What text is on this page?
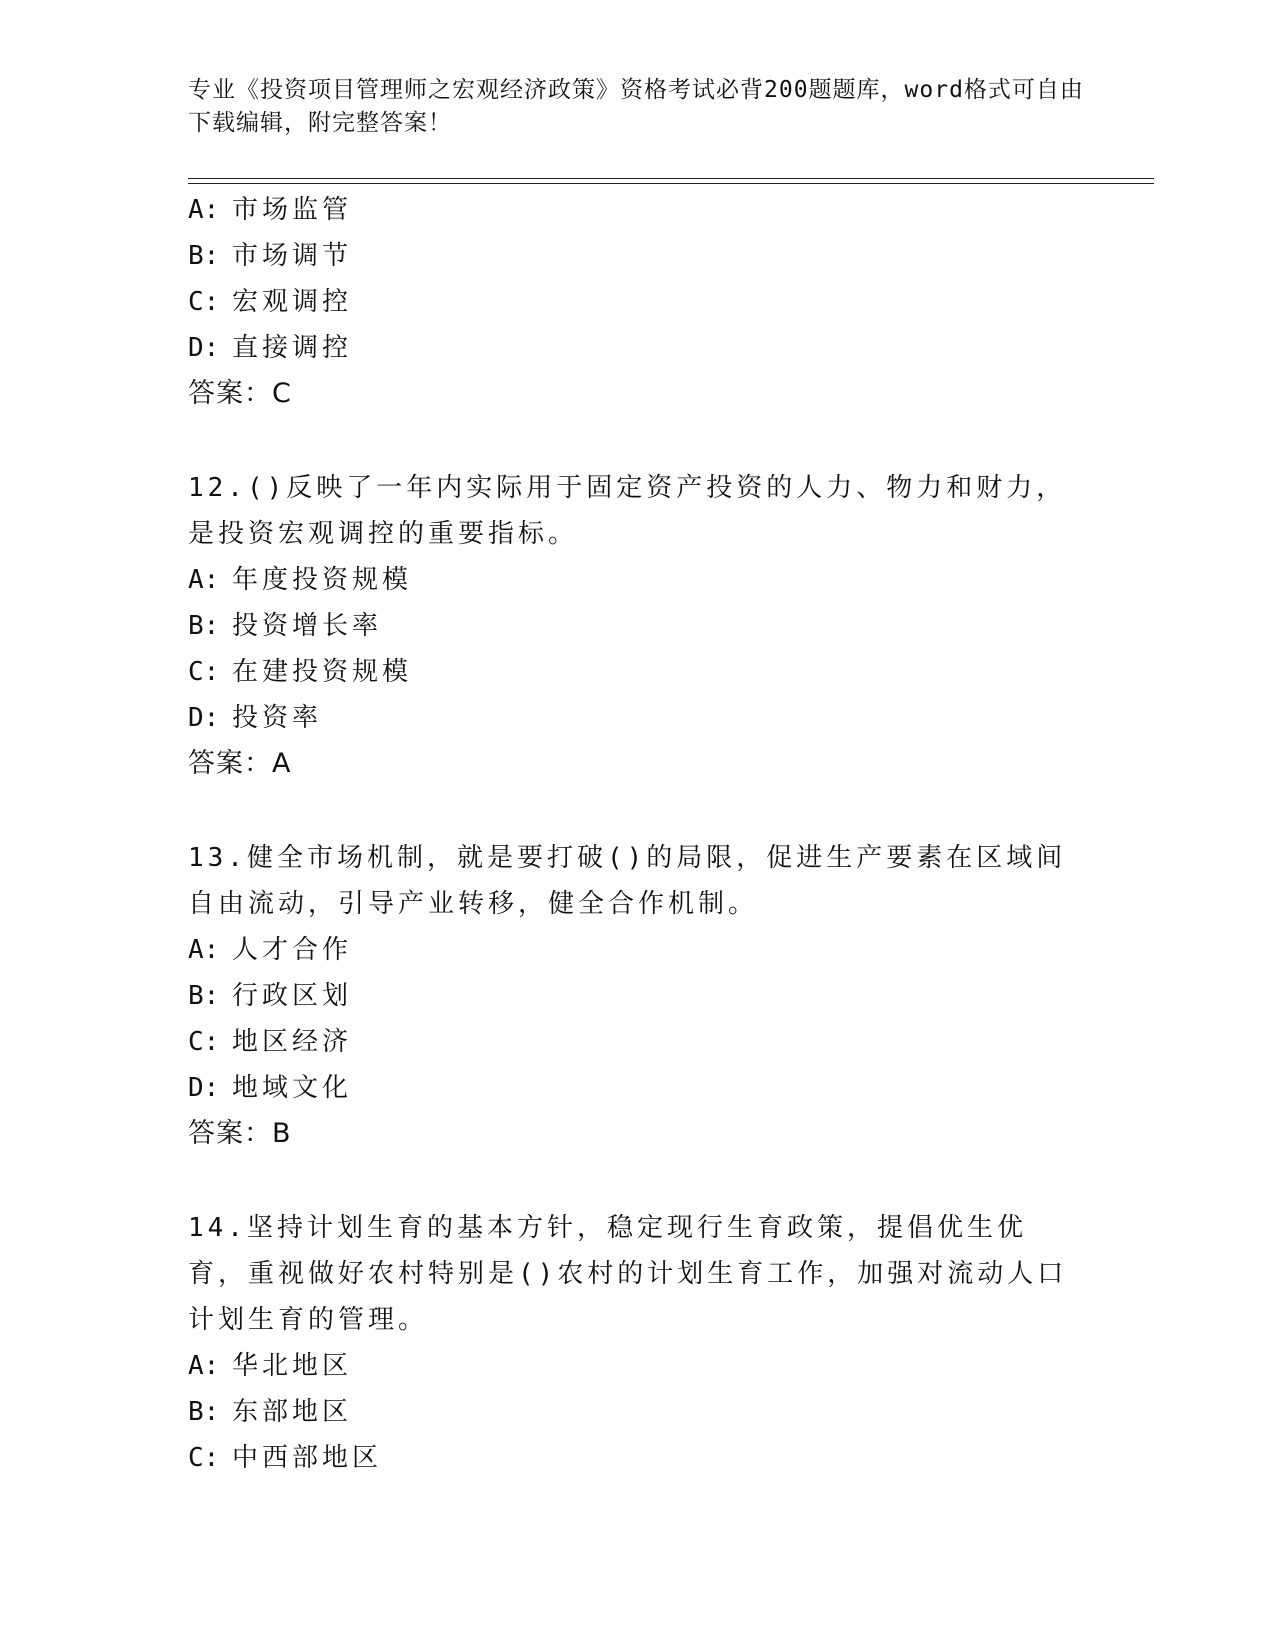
专业《投资项目管理师之宏观经济政策》资格考试必背200题题库，word格式可自由下载编辑，附完整答案！
A: 市场监管
B: 市场调节
C: 宏观调控
D: 直接调控
答案：C
12.()反映了一年内实际用于固定资产投资的人力、物力和财力，是投资宏观调控的重要指标。
A: 年度投资规模
B: 投资增长率
C: 在建投资规模
D: 投资率
答案：A
13.健全市场机制，就是要打破()的局限，促进生产要素在区域间自由流动，引导产业转移，健全合作机制。
A: 人才合作
B: 行政区划
C: 地区经济
D: 地域文化
答案：B
14.坚持计划生育的基本方针，稳定现行生育政策，提倡优生优育，重视做好农村特别是()农村的计划生育工作，加强对流动人口计划生育的管理。
A: 华北地区
B: 东部地区
C: 中西部地区
